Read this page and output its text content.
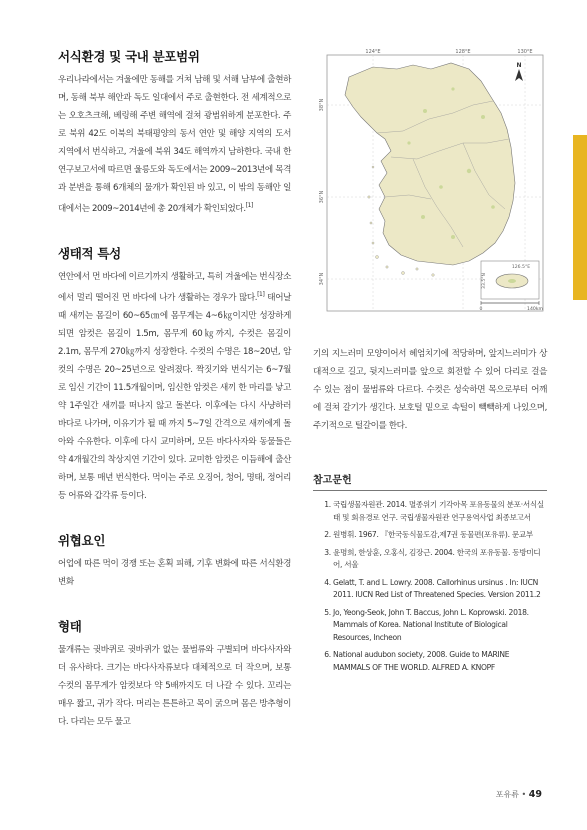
서식환경 및 국내 분포범위

우리나라에서는 겨울에만 동해를 거쳐 남해 및 서해 남부에 출현하며, 동해 북부 해안과 독도 일대에서 주로 출현한다. 전 세계적으로는 오호츠크해, 베링해 주변 해역에 걸쳐 광범위하게 분포한다. 주로 북위 42도 이북의 북태평양의 동서 연안 및 해양 지역의 도서 지역에서 번식하고, 겨울에 북위 34도 해역까지 남하한다. 국내 한 연구보고서에 따르면 울릉도와 독도에서는 2009~2013년에 목격과 분변을 통해 6개체의 물개가 확인된 바 있고, 이 밖의 동해안 일대에서는 2009~2014년에 총 20개체가 확인되었다.[1]

생태적 특성

연안에서 먼 바다에 이르기까지 생활하고, 특히 겨울에는 번식장소에서 멀리 떨어진 먼 바다에 나가 생활하는 경우가 많다.[1] 태어날 때 새끼는 몸길이 60~65㎝에 몸무게는 4~6㎏이지만 성장하게 되면 암컷은 몸길이 1.5m, 몸무게 60㎏까지, 수컷은 몸길이 2.1m, 몸무게 270㎏까지 성장한다. 수컷의 수명은 18~20년, 암컷의 수명은 20~25년으로 알려졌다. 짝짓기와 번식기는 6~7월로 임신 기간이 11.5개월이며, 임신한 암컷은 새끼 한 마리를 낳고 약 1주일간 새끼를 떠나지 않고 돌본다. 이후에는 다시 사냥하러 바다로 나가며, 이유기가 될 때 까지 5~7일 간격으로 새끼에게 돌아와 수유한다. 이후에 다시 교미하며, 모든 바다사자와 동물들은 약 4개월간의 착상지연 기간이 있다. 교미한 암컷은 이듬해에 출산하며, 보통 매년 번식한다. 먹이는 주로 오징어, 청어, 명태, 정어리 등 어류와 갑각류 등이다.

위협요인

어업에 따른 먹이 경쟁 또는 혼획 피해, 기후 변화에 따른 서식환경 변화

형태

물개류는 귓바퀴로 귓바퀴가 없는 물범류와 구별되며 바다사자와 더 유사하다. 크기는 바다사자류보다 대체적으로 더 작으며, 보통 수컷의 몸무게가 암컷보다 약 5배까지도 더 나갈 수 있다. 꼬리는 매우 짧고, 귀가 작다. 머리는 튼튼하고 목이 굵으며 몸은 방추형이다. 다리는 모두 물고

124°E	128°E	130°E
38°N
36°N
34°N
N
126.5°E
33.5°N
0	140km

기의 지느러미 모양이어서 헤엄치기에 적당하며, 앞지느러미가 상대적으로 길고, 뒷지느러미를 앞으로 회전할 수 있어 다리로 걸을 수 있는 점이 물범류와 다르다. 수컷은 성숙하면 목으로부터 어깨에 걸쳐 갈기가 생긴다. 보호털 밑으로 속털이 빽빽하게 나있으며, 주기적으로 털갈이를 한다.

참고문헌
1. 국립생물자원관. 2014. 멸종위기 기각아목 포유동물의 분포·서식실태 및 회유경로 연구. 국립생물자원관 연구용역사업 최종보고서
2. 원병휘. 1967. 『한국동식물도감,제7권 동물편(포유류). 문교부
3. 윤명희, 한상훈, 오홍식, 김장근. 2004. 한국의 포유동물. 동방미디어, 서울
4. Gelatt, T. and L. Lowry. 2008. Callorhinus ursinus . In: IUCN 2011. IUCN Red List of Threatened Species. Version 2011.2
5. Jo, Yeong-Seok, John T. Baccus, John L. Koprowski. 2018. Mammals of Korea. National Institute of Biological Resources, Incheon
6. National audubon society, 2008. Guide to MARINE MAMMALS OF THE WORLD. ALFRED A. KNOPF
포유류 • 49
